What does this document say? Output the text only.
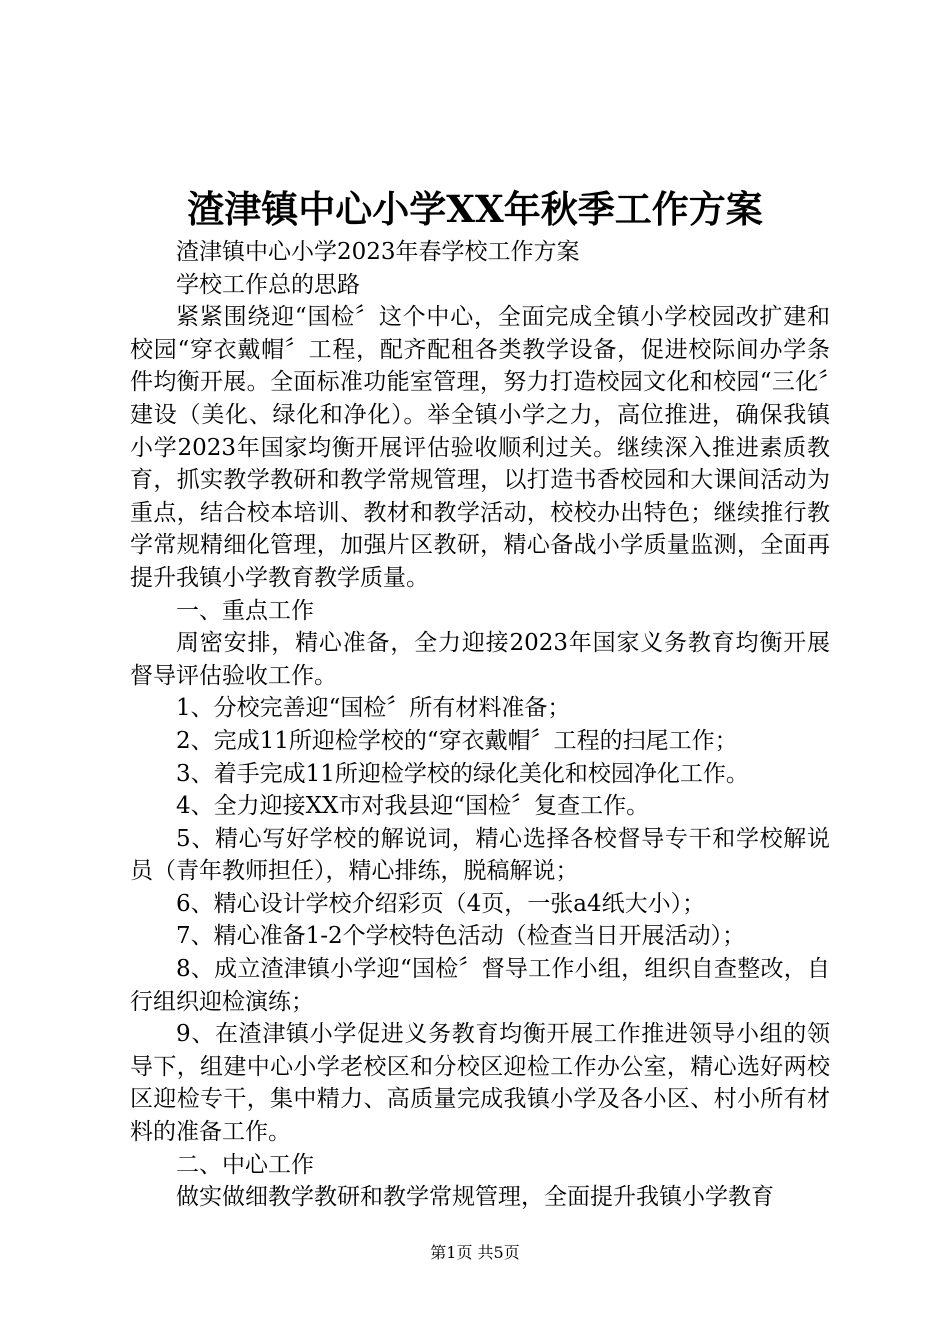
渣津镇中心小学XX年秋季工作方案

渣津镇中心小学2023年春学校工作方案

学校工作总的思路

紧紧围绕迎“国检〞这个中心，全面完成全镇小学校园改扩建和校园“穿衣戴帽〞工程，配齐配租各类教学设备，促进校际间办学条件均衡开展。全面标准功能室管理，努力打造校园文化和校园“三化〞建设（美化、绿化和净化）。举全镇小学之力，高位推进，确保我镇小学2023年国家均衡开展评估验收顺利过关。继续深入推进素质教育，抓实教学教研和教学常规管理，以打造书香校园和大课间活动为重点，结合校本培训、教材和教学活动，校校办出特色；继续推行教学常规精细化管理，加强片区教研，精心备战小学质量监测，全面再提升我镇小学教育教学质量。

一、重点工作

周密安排，精心准备，全力迎接2023年国家义务教育均衡开展督导评估验收工作。

1、分校完善迎“国检〞所有材料准备；

2、完成11所迎检学校的“穿衣戴帽〞工程的扫尾工作；

3、着手完成11所迎检学校的绿化美化和校园净化工作。

4、全力迎接XX市对我县迎“国检〞复查工作。

5、精心写好学校的解说词，精心选择各校督导专干和学校解说员（青年教师担任），精心排练，脱稿解说；

6、精心设计学校介绍彩页（4页，一张a4纸大小）；

7、精心准备1-2个学校特色活动（检查当日开展活动）；

8、成立渣津镇小学迎“国检〞督导工作小组，组织自查整改，自行组织迎检演练；

9、在渣津镇小学促进义务教育均衡开展工作推进领导小组的领导下，组建中心小学老校区和分校区迎检工作办公室，精心选好两校区迎检专干，集中精力、高质量完成我镇小学及各小区、村小所有材料的准备工作。

二、中心工作

做实做细教学教研和教学常规管理，全面提升我镇小学教育

第1页 共5页
